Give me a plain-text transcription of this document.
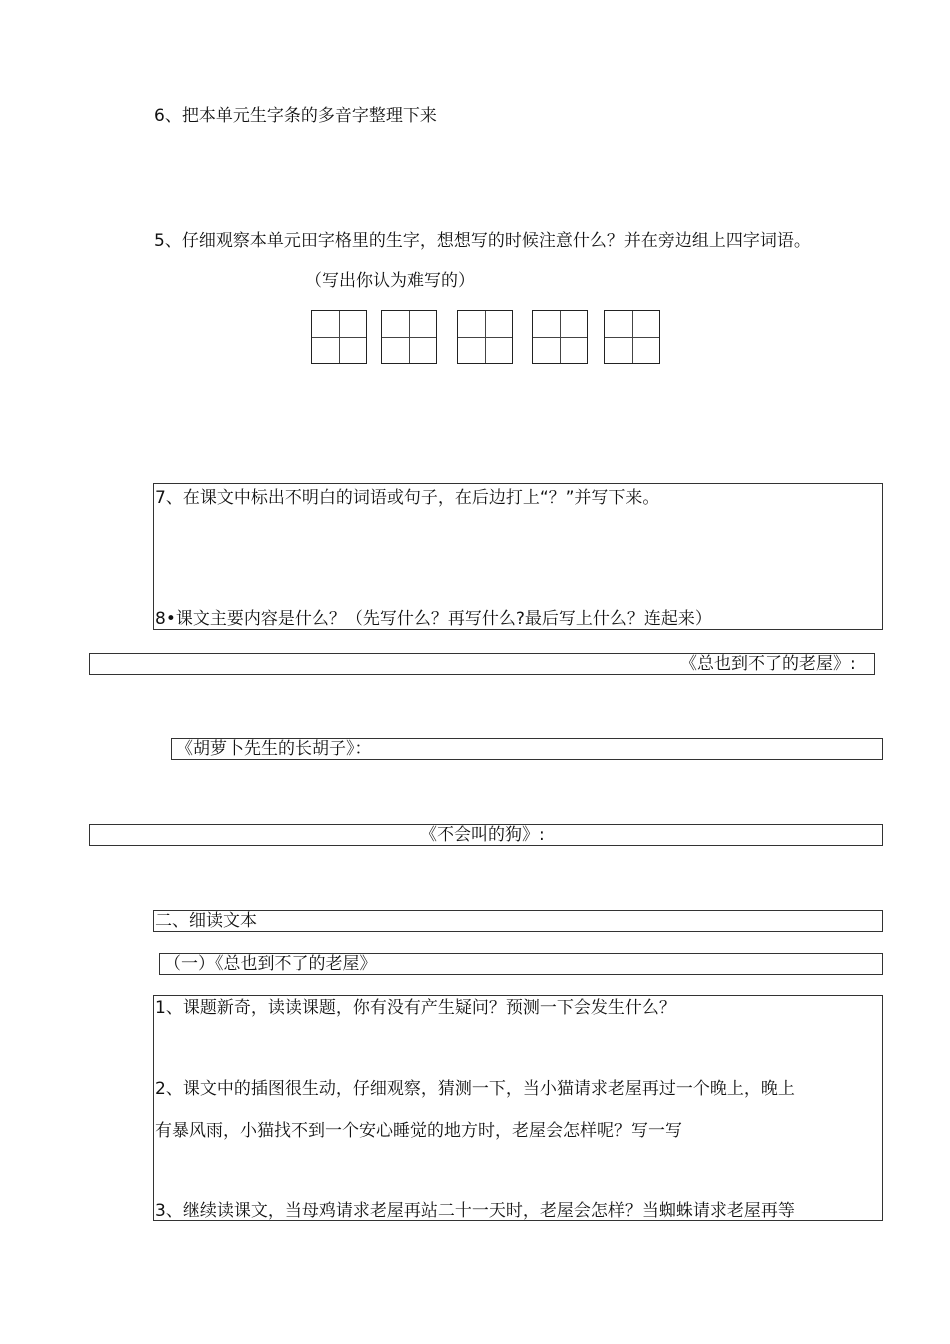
6、把本单元生字条的多音字整理下来
5、仔细观察本单元田字格里的生字，想想写的时候注意什么？并在旁边组上四字词语。
（写出你认为难写的）
7、在课文中标出不明白的词语或句子，在后边打上“？”并写下来。
8•课文主要内容是什么？（先写什么？再写什么?最后写上什么？连起来）
《总也到不了的老屋》:
《胡萝卜先生的长胡子》：
《不会叫的狗》:
二、细读文本
（一）《总也到不了的老屋》
1、课题新奇，读读课题，你有没有产生疑问？预测一下会发生什么？
2、课文中的插图很生动，仔细观察，猜测一下，当小猫请求老屋再过一个晚上，晚上
有暴风雨，小猫找不到一个安心睡觉的地方时，老屋会怎样呢？写一写
3、继续读课文，当母鸡请求老屋再站二十一天时，老屋会怎样？当蜘蛛请求老屋再等
